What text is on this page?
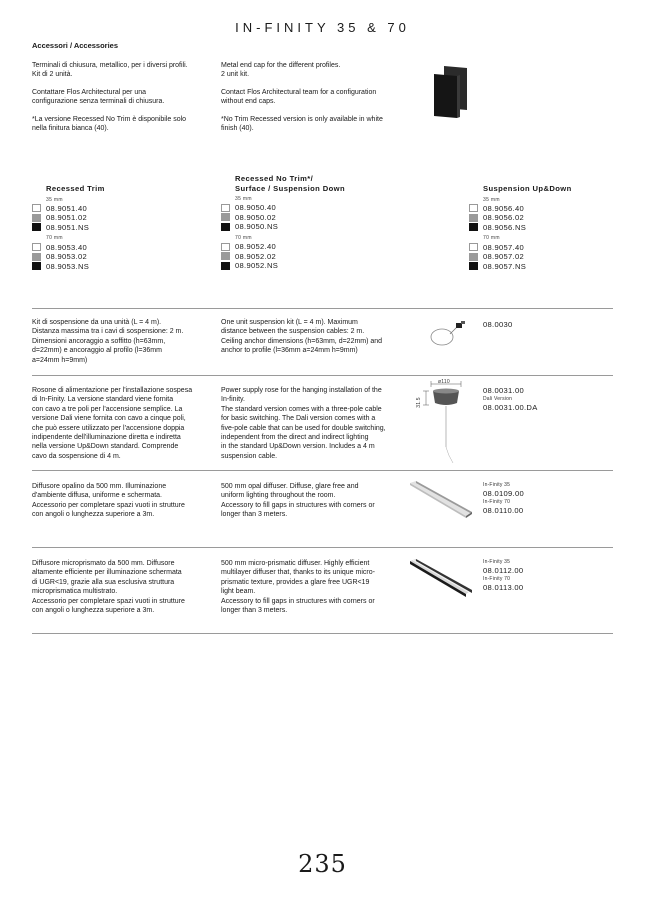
IN-FINITY 35 & 70
Accessori / Accessories

Terminali di chiusura, metallico, per i diversi profili.
Kit di 2 unità.

Contattare Flos Architectural per una
configurazione senza terminali di chiusura.

*La versione Recessed No Trim è disponibile solo
nella finitura bianca (40).

Metal end cap for the different profiles.
2 unit kit.

Contact Flos Architectural team for a configuration
without end caps.

*No Trim Recessed version is only available in white
finish (40).

Recessed Trim
35 mm
08.9051.40
08.9051.02
08.9051.NS
70 mm
08.9053.40
08.9053.02
08.9053.NS
Recessed No Trim*/
Surface / Suspension Down
35 mm
08.9050.40
08.9050.02
08.9050.NS
70 mm
08.9052.40
08.9052.02
08.9052.NS
Suspension Up&Down
35 mm
08.9056.40
08.9056.02
08.9056.NS
70 mm
08.9057.40
08.9057.02
08.9057.NS
Kit di sospensione da una unità (L = 4 m).
Distanza massima tra i cavi di sospensione: 2 m.
Dimensioni ancoraggio a soffitto (h=63mm,
d=22mm) e ancoraggio al profilo (l=36mm
a=24mm h=9mm)
One unit suspension kit (L = 4 m). Maximum
distance between the suspension cables: 2 m.
Ceiling anchor dimensions (h=63mm, d=22mm) and
anchor to profile (l=36mm a=24mm h=9mm)
08.0030
Rosone di alimentazione per l'installazione sospesa
di In-Finity. La versione standard viene fornita
con cavo a tre poli per l'accensione semplice. La
versione Dali viene fornita con cavo a cinque poli,
che può essere utilizzato per l'accensione doppia
indipendente dell'illuminazione diretta e indiretta
nella versione Up&Down standard. Comprende
cavo da sospensione di 4 m.
Power supply rose for the hanging installation of the
In-finity.
The standard version comes with a three-pole cable
for basic switching. The Dali version comes with a
five-pole cable that can be used for double switching,
independent from the direct and indirect lighting
in the standard Up&Down version. Includes a 4 m
suspension cable.
ø110
31.5
08.0031.00
Dali Version
08.0031.00.DA
Diffusore opalino da 500 mm. Illuminazione
d'ambiente diffusa, uniforme e schermata.
Accessorio per completare spazi vuoti in strutture
con angoli o lunghezza superiore a 3m.
500 mm opal diffuser. Diffuse, glare free and
uniform lighting throughout the room.
Accessory to fill gaps in structures with corners or
longer than 3 meters.
In-Finity 35
08.0109.00
In-Finity 70
08.0110.00
Diffusore microprismato da 500 mm. Diffusore
altamente efficiente per illuminazione schermata
di UGR<19, grazie alla sua esclusiva struttura
microprismatica multistrato.
Accessorio per completare spazi vuoti in strutture
con angoli o lunghezza superiore a 3m.
500 mm micro-prismatic diffuser. Highly efficient
multilayer diffuser that, thanks to its unique micro-
prismatic texture, provides a glare free UGR<19
light beam.
Accessory to fill gaps in structures with corners or
longer than 3 meters.
In-Finity 35
08.0112.00
In-Finity 70
08.0113.00
235
